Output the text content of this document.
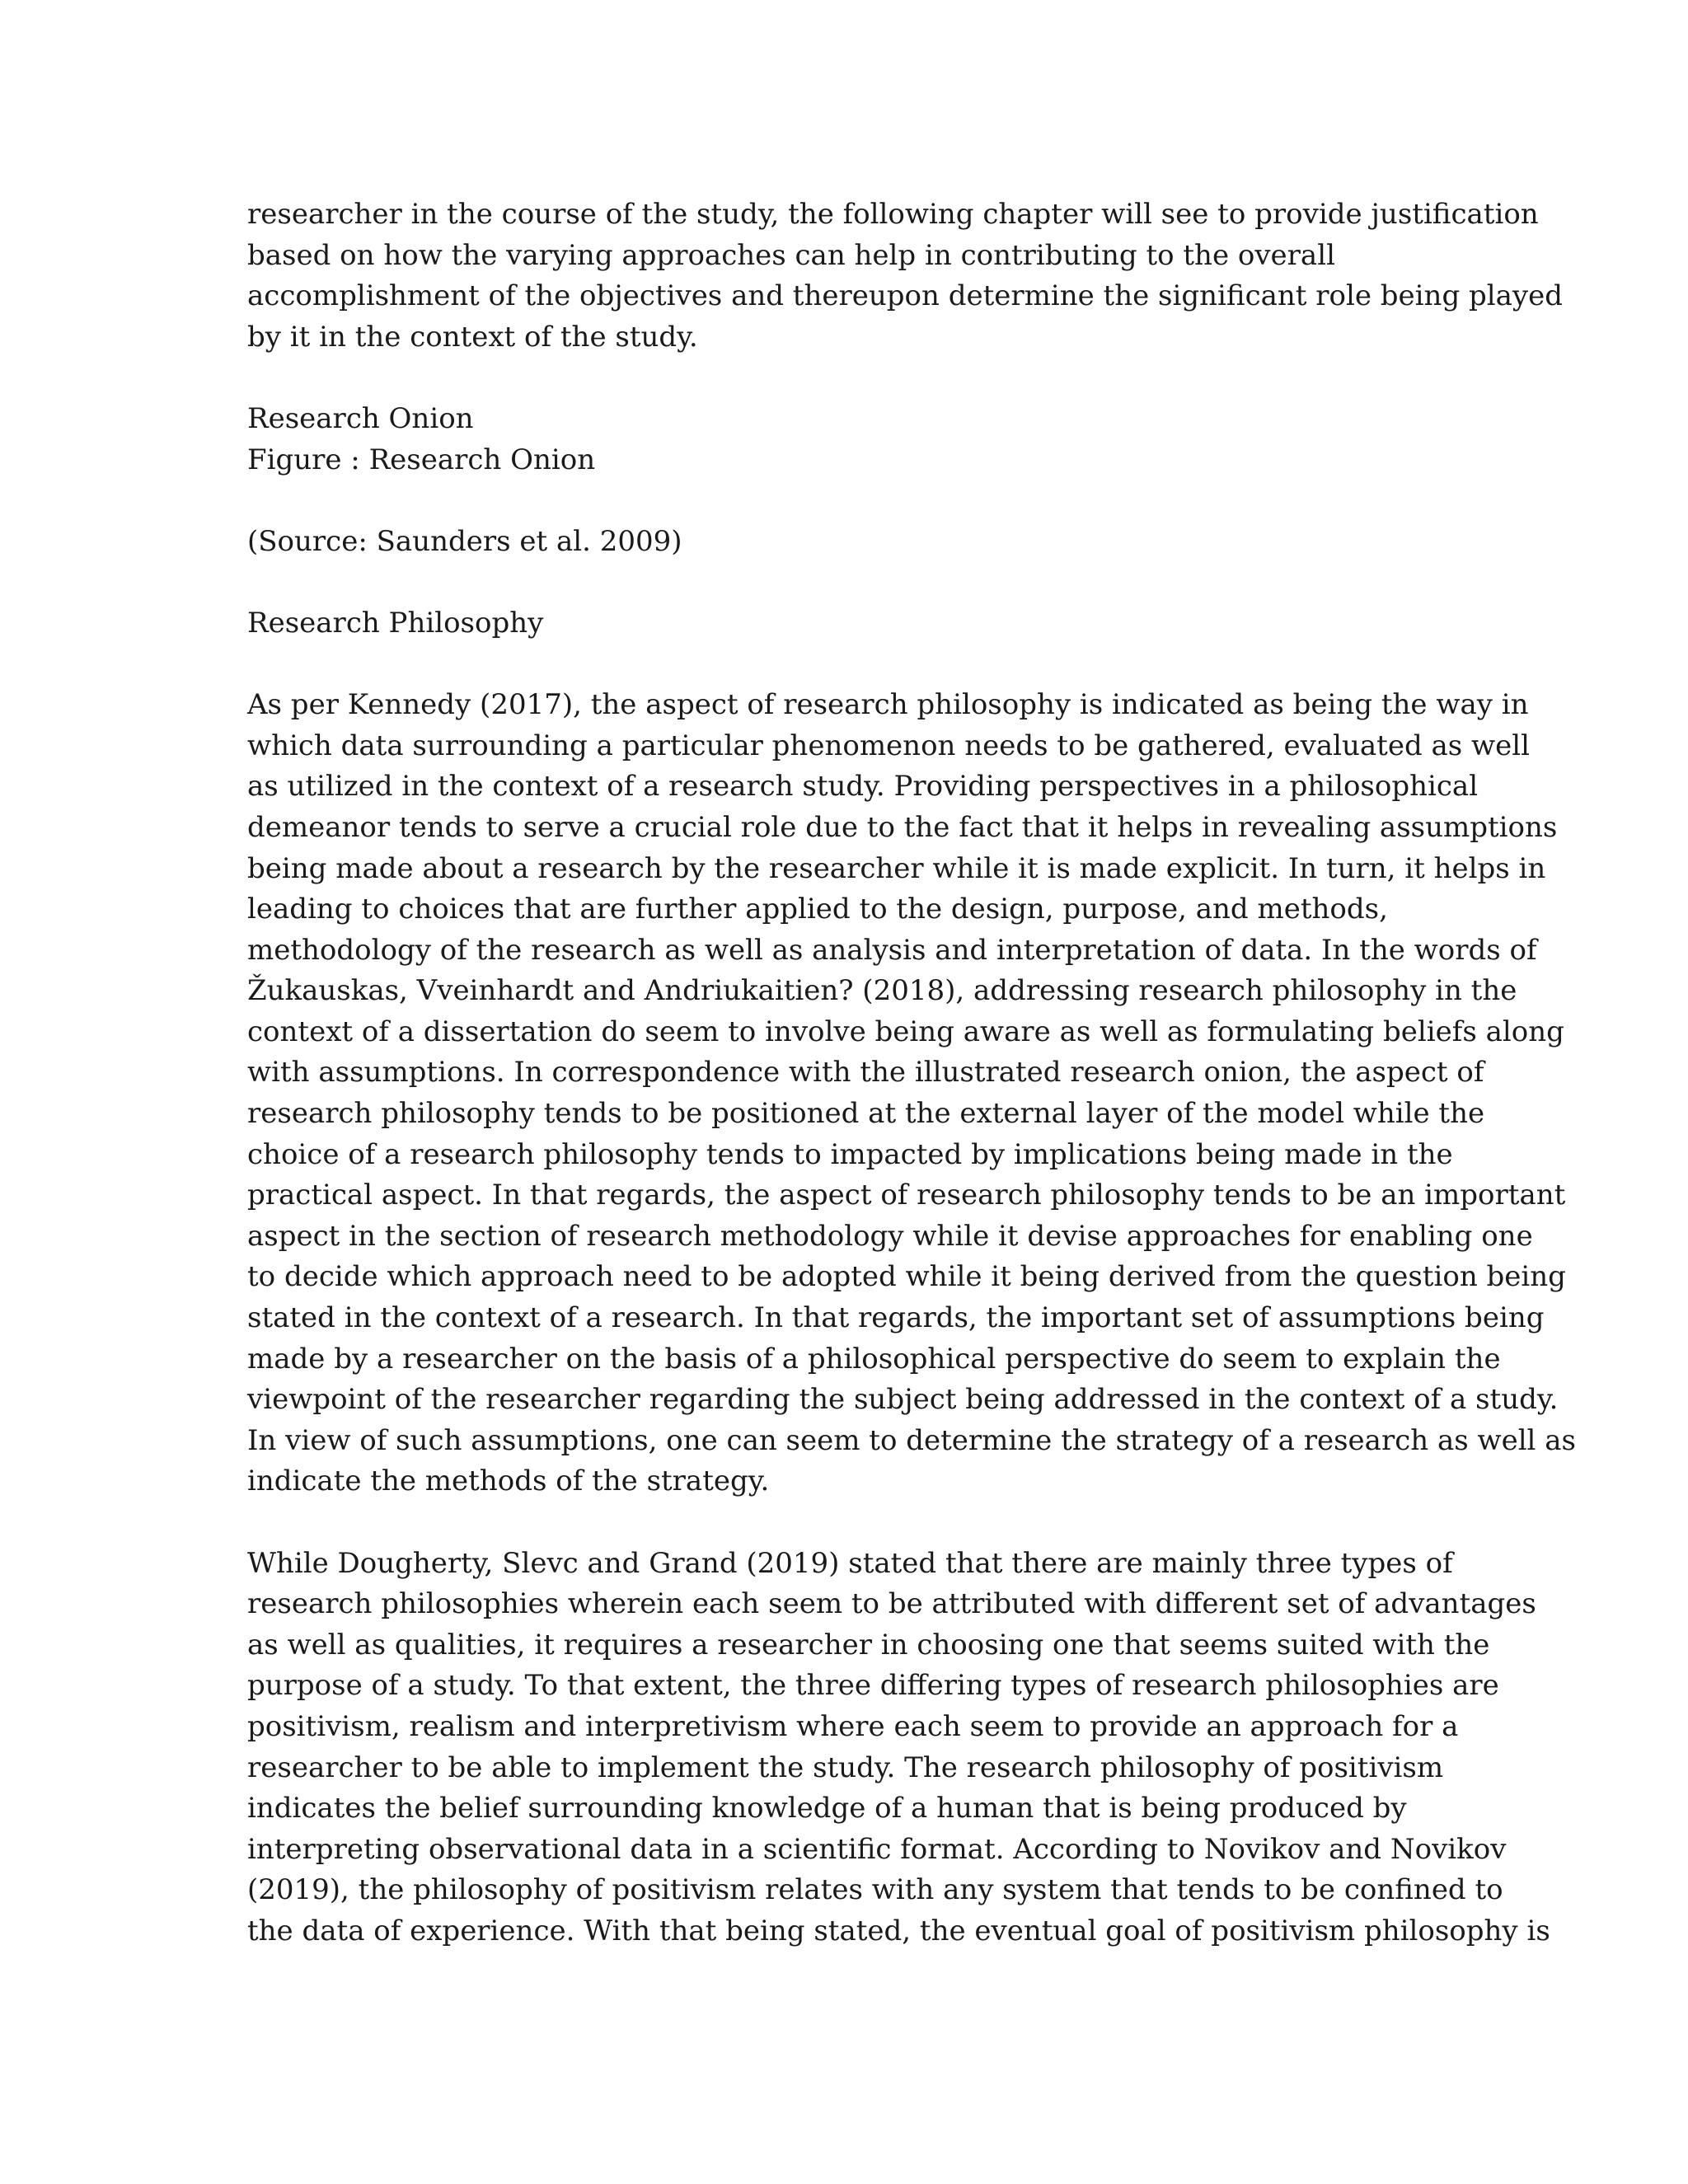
researcher in the course of the study, the following chapter will see to provide justification
based on how the varying approaches can help in contributing to the overall
accomplishment of the objectives and thereupon determine the significant role being played
by it in the context of the study.
Research Onion
Figure : Research Onion
(Source: Saunders et al. 2009)
Research Philosophy
As per Kennedy (2017), the aspect of research philosophy is indicated as being the way in
which data surrounding a particular phenomenon needs to be gathered, evaluated as well
as utilized in the context of a research study. Providing perspectives in a philosophical
demeanor tends to serve a crucial role due to the fact that it helps in revealing assumptions
being made about a research by the researcher while it is made explicit. In turn, it helps in
leading to choices that are further applied to the design, purpose, and methods,
methodology of the research as well as analysis and interpretation of data. In the words of
Žukauskas, Vveinhardt and Andriukaitien? (2018), addressing research philosophy in the
context of a dissertation do seem to involve being aware as well as formulating beliefs along
with assumptions. In correspondence with the illustrated research onion, the aspect of
research philosophy tends to be positioned at the external layer of the model while the
choice of a research philosophy tends to impacted by implications being made in the
practical aspect. In that regards, the aspect of research philosophy tends to be an important
aspect in the section of research methodology while it devise approaches for enabling one
to decide which approach need to be adopted while it being derived from the question being
stated in the context of a research. In that regards, the important set of assumptions being
made by a researcher on the basis of a philosophical perspective do seem to explain the
viewpoint of the researcher regarding the subject being addressed in the context of a study.
In view of such assumptions, one can seem to determine the strategy of a research as well as
indicate the methods of the strategy.
While Dougherty, Slevc and Grand (2019) stated that there are mainly three types of
research philosophies wherein each seem to be attributed with different set of advantages
as well as qualities, it requires a researcher in choosing one that seems suited with the
purpose of a study. To that extent, the three differing types of research philosophies are
positivism, realism and interpretivism where each seem to provide an approach for a
researcher to be able to implement the study. The research philosophy of positivism
indicates the belief surrounding knowledge of a human that is being produced by
interpreting observational data in a scientific format. According to Novikov and Novikov
(2019), the philosophy of positivism relates with any system that tends to be confined to
the data of experience. With that being stated, the eventual goal of positivism philosophy is
